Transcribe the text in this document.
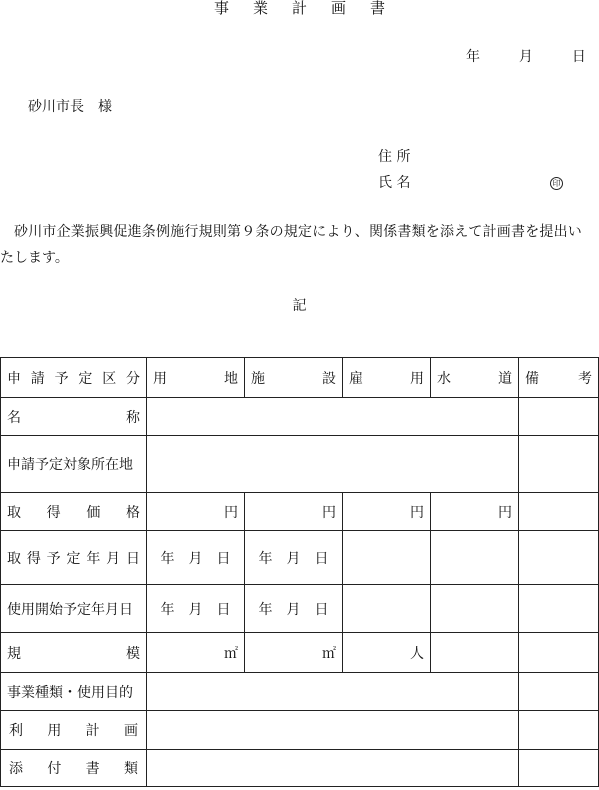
事業計画書
年	月	日
砂川市長　様
住 所
氏 名	印
砂川市企業振興促進条例施行規則第９条の規定により、関係書類を添えて計画書を提出い
たします。
記
申請予定区分	用 地	施 設	雇 用	水 道	備 考

名称					
申請予定対象所在地					
取得価格	円	円	円	円	
取得予定年月日	年　月　日	年　月　日			
使用開始予定年月日	年　月　日	年　月　日			
規模	㎡	㎡	人		
事業種類・使用目的					
利用計画					
添付書類					
